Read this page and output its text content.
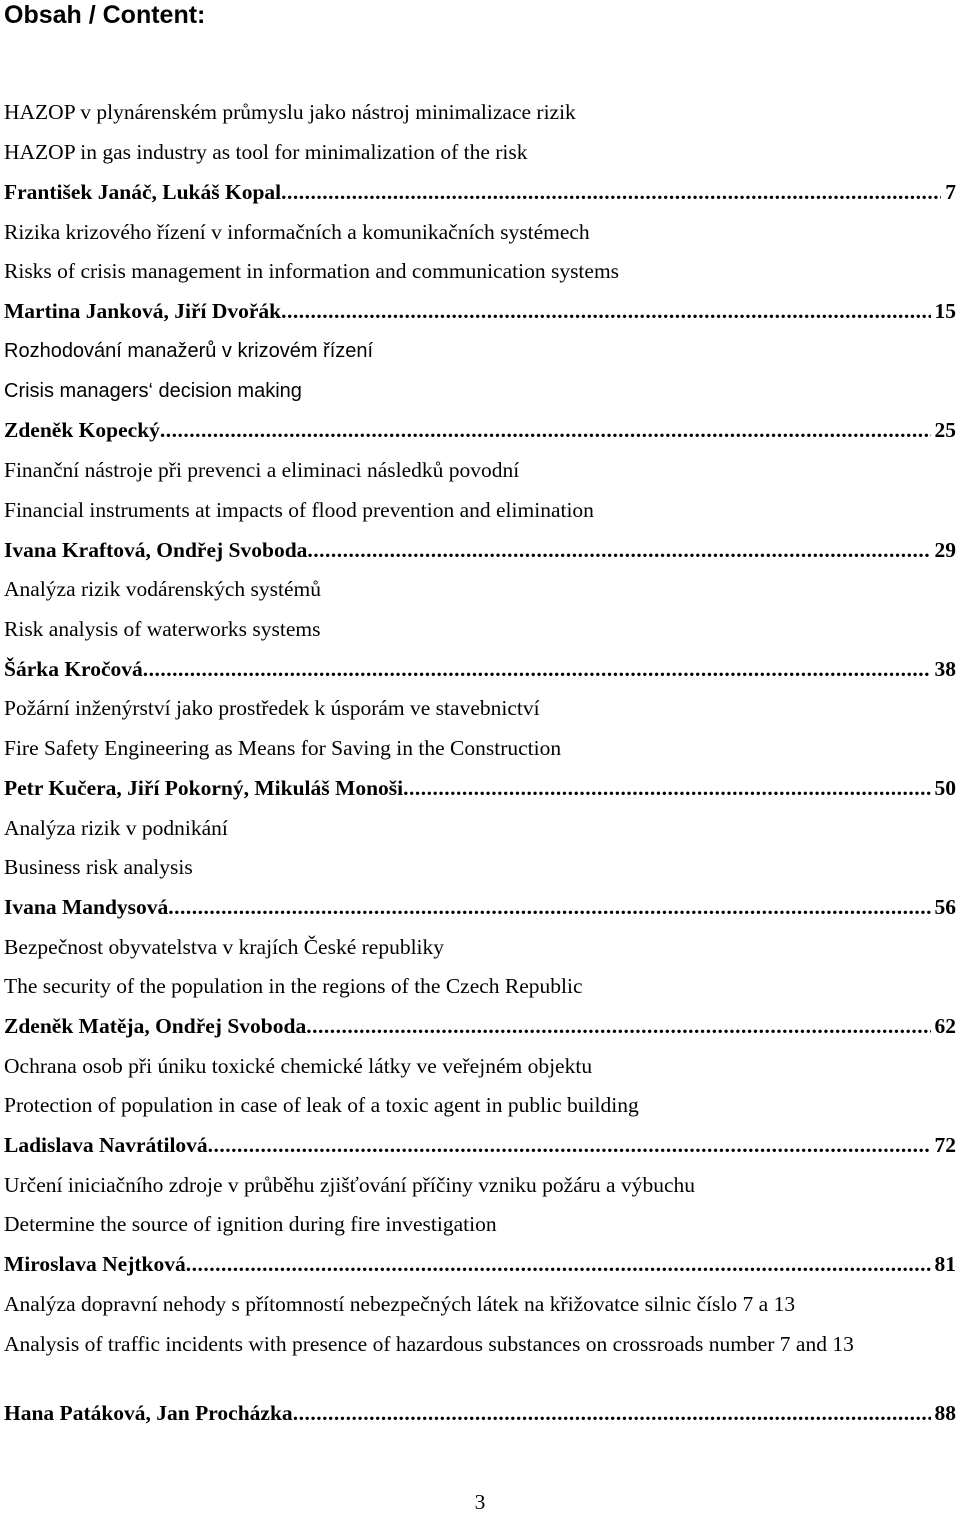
Obsah / Content:
HAZOP v plynárenském průmyslu jako nástroj minimalizace rizik
HAZOP in gas industry as tool for minimalization of the risk
František Janáč, Lukáš Kopal .....	7
Rizika krizového řízení v informačních a komunikačních systémech
Risks of crisis management in information and communication systems
Martina Janková, Jiří Dvořák .....	15
Rozhodování manažerů v krizovém řízení
Crisis managers‘ decision making
Zdeněk Kopecký .....	25
Finanční nástroje při prevenci a eliminaci následků povodní
Financial instruments at impacts of flood prevention and elimination
Ivana Kraftová, Ondřej Svoboda .....	29
Analýza rizik vodárenských systémů
Risk analysis of waterworks systems
Šárka Kročová .....	38
Požární inženýrství jako prostředek k úsporám ve stavebnictví
Fire Safety Engineering as Means for Saving in the Construction
Petr Kučera, Jiří Pokorný, Mikuláš Monoši .....	50
Analýza rizik v podnikání
Business risk analysis
Ivana Mandysová .....	56
Bezpečnost obyvatelstva v krajích České republiky
The security of the population in the regions of the Czech Republic
Zdeněk Matěja, Ondřej Svoboda .....	62
Ochrana osob při úniku toxické chemické látky ve veřejném objektu
Protection of population in case of leak of a toxic agent in public building
Ladislava Navrátilová .....	72
Určení iniciačního zdroje v průběhu zjišťování příčiny vzniku požáru a výbuchu
Determine the source of ignition during fire investigation
Miroslava Nejtková .....	81
Analýza dopravní nehody s přítomností nebezpečných látek na křižovatce silnic číslo 7 a 13
Analysis of traffic incidents with presence of hazardous substances on crossroads number 7 and 13
Hana Patáková, Jan Procházka .....	88
3
